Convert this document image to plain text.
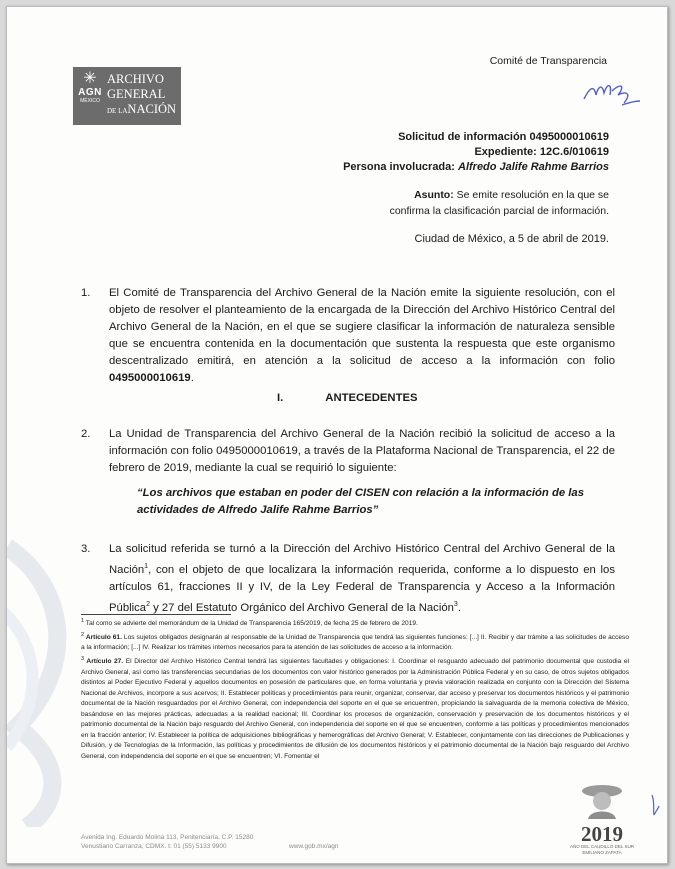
✳
AGN
MÉXICO
ARCHIVO
GENERAL
DE LANACIÓN
Comité de Transparencia
Solicitud de información 0495000010619
Expediente: 12C.6/010619
Persona involucrada: Alfredo Jalife Rahme Barrios
Asunto: Se emite resolución en la que se confirma la clasificación parcial de información.
Ciudad de México, a 5 de abril de 2019.
1. El Comité de Transparencia del Archivo General de la Nación emite la siguiente resolución, con el objeto de resolver el planteamiento de la encargada de la Dirección del Archivo Histórico Central del Archivo General de la Nación, en el que se sugiere clasificar la información de naturaleza sensible que se encuentra contenida en la documentación que sustenta la respuesta que este organismo descentralizado emitirá, en atención a la solicitud de acceso a la información con folio 0495000010619.
I.	ANTECEDENTES
2. La Unidad de Transparencia del Archivo General de la Nación recibió la solicitud de acceso a la información con folio 0495000010619, a través de la Plataforma Nacional de Transparencia, el 22 de febrero de 2019, mediante la cual se requirió lo siguiente:
“Los archivos que estaban en poder del CISEN con relación a la información de las actividades de Alfredo Jalife Rahme Barrios”
3. La solicitud referida se turnó a la Dirección del Archivo Histórico Central del Archivo General de la Nación$^1$, con el objeto de que localizara la información requerida, conforme a lo dispuesto en los artículos 61, fracciones II y IV, de la Ley Federal de Transparencia y Acceso a la Información Pública$^2$ y 27 del Estatuto Orgánico del Archivo General de la Nación$^3$.

$^1$ Tal como se advierte del memorándum de la Unidad de Transparencia 165/2019, de fecha 25 de febrero de 2019.

$^2$ Artículo 61. Los sujetos obligados designarán al responsable de la Unidad de Transparencia que tendrá las siguientes funciones: [...] II. Recibir y dar trámite a las solicitudes de acceso a la información; [...] IV. Realizar los trámites internos necesarios para la atención de las solicitudes de acceso a la información.

$^3$ Artículo 27. El Director del Archivo Histórico Central tendrá las siguientes facultades y obligaciones: I. Coordinar el resguardo adecuado del patrimonio documental que custodia el Archivo General, así como las transferencias secundarias de los documentos con valor histórico generados por la Administración Pública Federal y en su caso, de otros sujetos obligados distintos al Poder Ejecutivo Federal y aquellos documentos en posesión de particulares que, en forma voluntaria y previa valoración realizada en conjunto con la Dirección del Sistema Nacional de Archivos, incorpore a sus acervos; II. Establecer políticas y procedimientos para reunir, organizar, conservar, dar acceso y preservar los documentos históricos y el patrimonio documental de la Nación resguardados por el Archivo General, con independencia del soporte en el que se encuentren, propiciando la salvaguarda de la memoria colectiva de México, basándose en las mejores prácticas, adecuadas a la realidad nacional; III. Coordinar los procesos de organización, conservación y preservación de los documentos históricos y el patrimonio documental de la Nación bajo resguardo del Archivo General, con independencia del soporte en el que se encuentren, conforme a las políticas y procedimientos mencionados en la fracción anterior; IV. Establecer la política de adquisiciones bibliográficas y hemerográficas del Archivo General; V. Establecer, conjuntamente con las direcciones de Publicaciones y Difusión, y de Tecnologías de la Información, las políticas y procedimientos de difusión de los documentos históricos y el patrimonio documental de la Nación bajo resguardo del Archivo General, con independencia del soporte en el que se encuentren; VI. Fomentar el

Avenida Ing. Eduardo Molina 113, Penitenciaría, C.P. 15280
Venustiano Carranza, CDMX. t: 01 (55) 5133 9900	www.gob.mx/agn
2019
AÑO DEL CAUDILLO DEL SUR
EMILIANO ZAPATA
